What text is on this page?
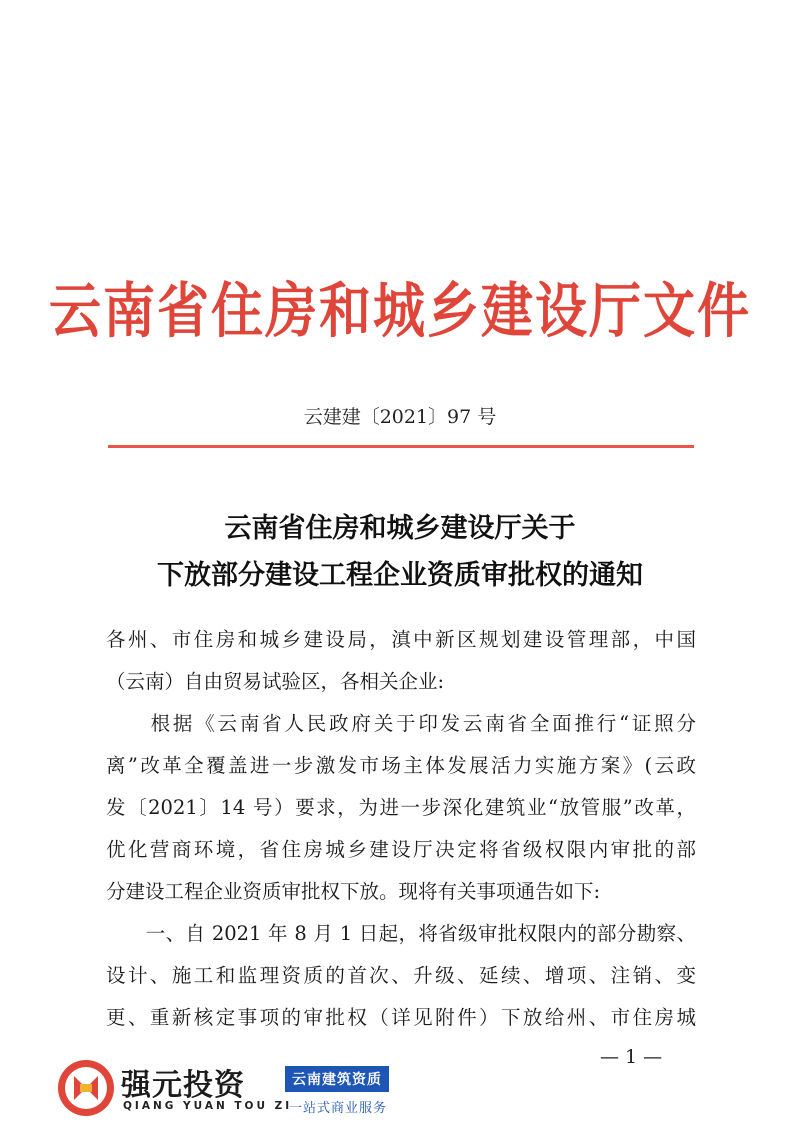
云南省住房和城乡建设厅文件
云建建〔2021〕97 号
云南省住房和城乡建设厅关于
下放部分建设工程企业资质审批权的通知
各州、市住房和城乡建设局，滇中新区规划建设管理部，中国
（云南）自由贸易试验区，各相关企业:
　　根据《云南省人民政府关于印发云南省全面推行“证照分
离”改革全覆盖进一步激发市场主体发展活力实施方案》(云政
发〔2021〕14 号）要求，为进一步深化建筑业“放管服”改革，
优化营商环境，省住房城乡建设厅决定将省级权限内审批的部
分建设工程企业资质审批权下放。现将有关事项通告如下:
　　一、自 2021 年 8 月 1 日起，将省级审批权限内的部分勘察、
设计、施工和监理资质的首次、升级、延续、增项、注销、变
更、重新核定事项的审批权（详见附件）下放给州、市住房城
— 1 —
强元投资
QIANG YUAN TOU ZI
云南建筑资质
一站式商业服务
